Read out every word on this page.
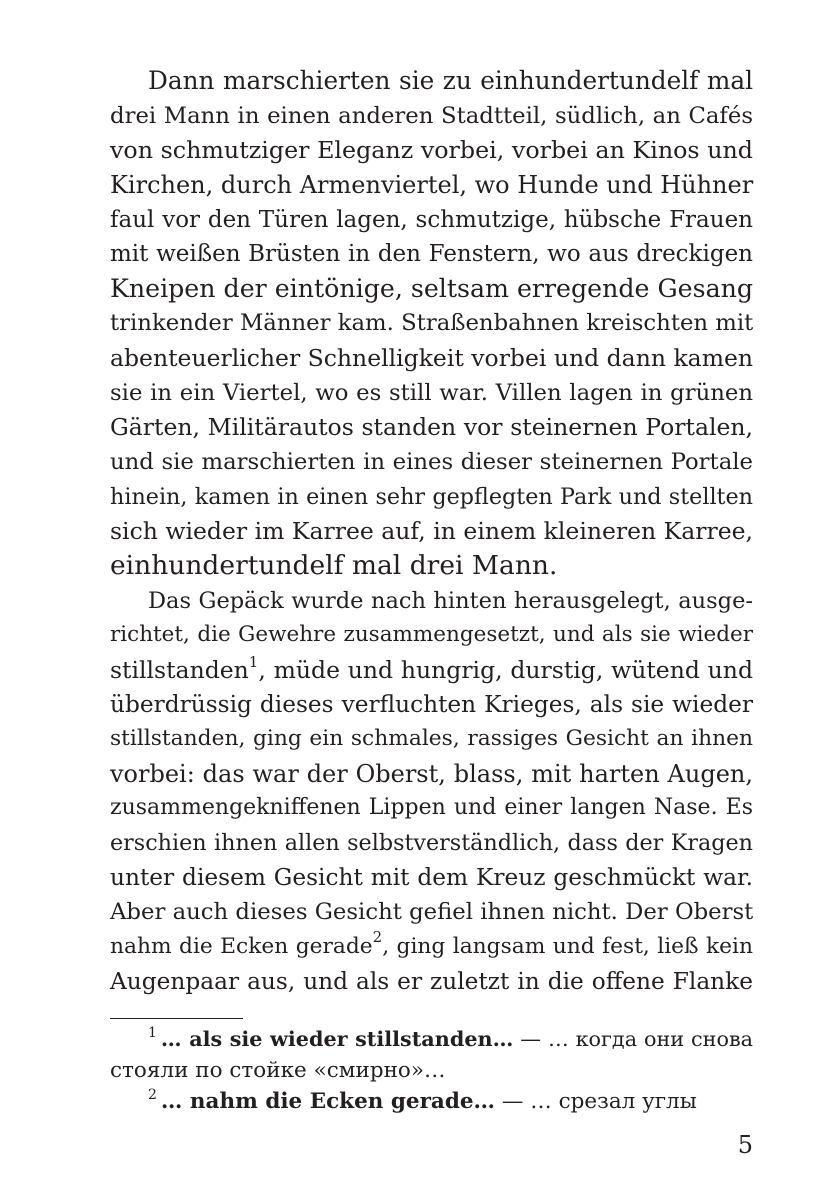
Dann marschierten sie zu einhundertundelf mal
drei Mann in einen anderen Stadtteil, südlich, an Cafés
von schmutziger Eleganz vorbei, vorbei an Kinos und
Kirchen, durch Armenviertel, wo Hunde und Hühner
faul vor den Türen lagen, schmutzige, hübsche Frauen
mit weißen Brüsten in den Fenstern, wo aus dreckigen
Kneipen der eintönige, seltsam erregende Gesang
trinkender Männer kam. Straßenbahnen kreischten mit
abenteuerlicher Schnelligkeit vorbei und dann kamen
sie in ein Viertel, wo es still war. Villen lagen in grünen
Gärten, Militärautos standen vor steinernen Portalen,
und sie marschierten in eines dieser steinernen Portale
hinein, kamen in einen sehr gepflegten Park und stellten
sich wieder im Karree auf, in einem kleineren Karree,
einhundertundelf mal drei Mann.
Das Gepäck wurde nach hinten herausgelegt, ausge-
richtet, die Gewehre zusammengesetzt, und als sie wieder
stillstanden$^1$, müde und hungrig, durstig, wütend und
überdrüssig dieses verfluchten Krieges, als sie wieder
stillstanden, ging ein schmales, rassiges Gesicht an ihnen
vorbei: das war der Oberst, blass, mit harten Augen,
zusammengekniffenen Lippen und einer langen Nase. Es
erschien ihnen allen selbstverständlich, dass der Kragen
unter diesem Gesicht mit dem Kreuz geschmückt war.
Aber auch dieses Gesicht gefiel ihnen nicht. Der Oberst
nahm die Ecken gerade$^2$, ging langsam und fest, ließ kein
Augenpaar aus, und als er zuletzt in die offene Flanke
$^1$ … als sie wieder stillstanden… — … когда они снова
стояли по стойке «смирно»…
$^2$ … nahm die Ecken gerade… — … срезал углы
5
